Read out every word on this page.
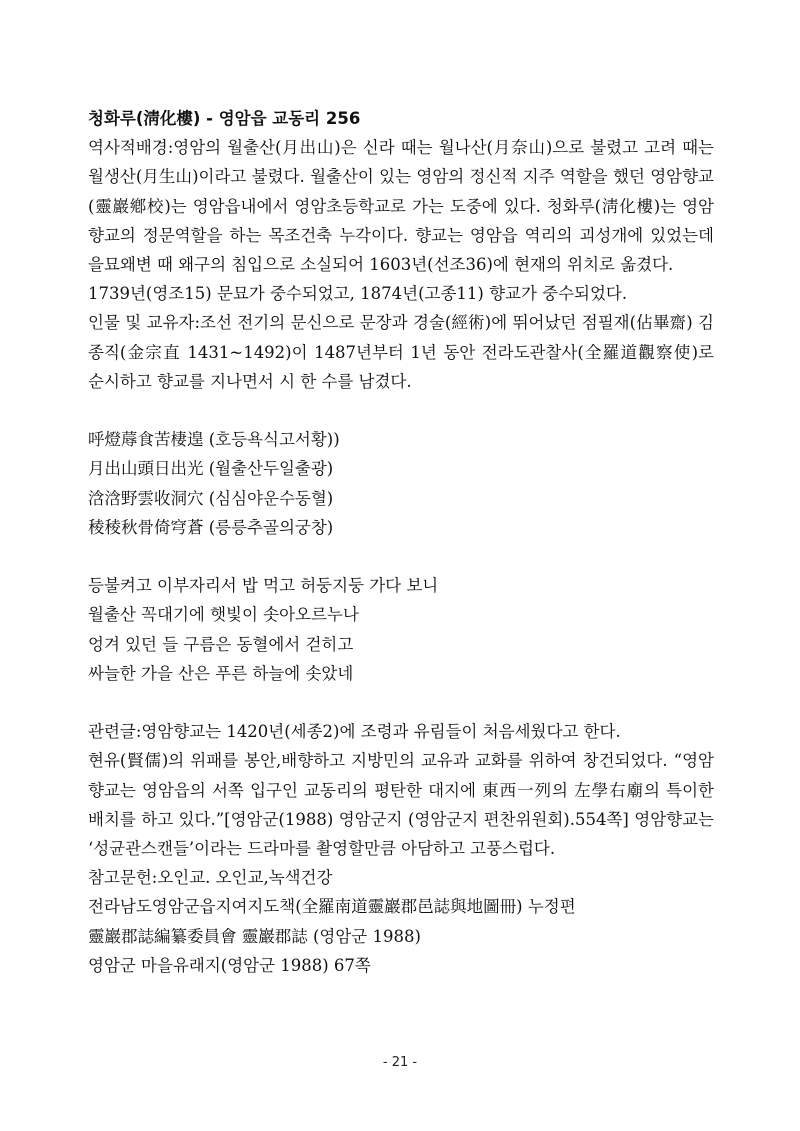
청화루(淸化樓) - 영암읍 교동리 256

역사적배경:영암의 월출산(月出山)은 신라 때는 월나산(月奈山)으로 불렸고 고려 때는 월생산(月生山)이라고 불렸다. 월출산이 있는 영암의 정신적 지주 역할을 했던 영암향교(靈巖鄕校)는 영암읍내에서 영암초등학교로 가는 도중에 있다. 청화루(淸化樓)는 영암향교의 정문역할을 하는 목조건축 누각이다. 향교는 영암읍 역리의 괴성개에 있었는데 을묘왜변 때 왜구의 침입으로 소실되어 1603년(선조36)에 현재의 위치로 옮겼다.

1739년(영조15) 문묘가 중수되었고, 1874년(고종11) 향교가 중수되었다.

인물 및 교유자:조선 전기의 문신으로 문장과 경술(經術)에 뛰어났던 점필재(佔畢齋) 김종직(金宗直 1431~1492)이 1487년부터 1년 동안 전라도관찰사(全羅道觀察使)로 순시하고 향교를 지나면서 시 한 수를 남겼다.

呼燈蓐食苦棲遑 (호등욕식고서황))

月出山頭日出光 (월출산두일출광)

浛浛野雲收洞穴 (심심야운수동혈)

稜稜秋骨倚穹蒼 (릉릉추골의궁창)

등불켜고 이부자리서 밥 먹고 허둥지둥 가다 보니

월출산 꼭대기에 햇빛이 솟아오르누나

엉겨 있던 들 구름은 동혈에서 걷히고

싸늘한 가을 산은 푸른 하늘에 솟았네

관련글:영암향교는 1420년(세종2)에 조령과 유림들이 처음세웠다고 한다.

현유(賢儒)의 위패를 봉안,배향하고 지방민의 교유과 교화를 위하여 창건되었다. “영암향교는 영암읍의 서쪽 입구인 교동리의 평탄한 대지에 東西一列의 左學右廟의 특이한 배치를 하고 있다.”[영암군(1988) 영암군지 (영암군지 편찬위원회).554쪽] 영암향교는 ‘성균관스캔들’이라는 드라마를 촬영할만큼 아담하고 고풍스럽다.

참고문헌:오인교. 오인교,녹색건강

전라남도영암군읍지여지도책(全羅南道靈巖郡邑誌與地圖冊) 누정편

靈巖郡誌編纂委員會 靈巖郡誌 (영암군 1988)

영암군 마을유래지(영암군 1988) 67쪽

- 21 -
